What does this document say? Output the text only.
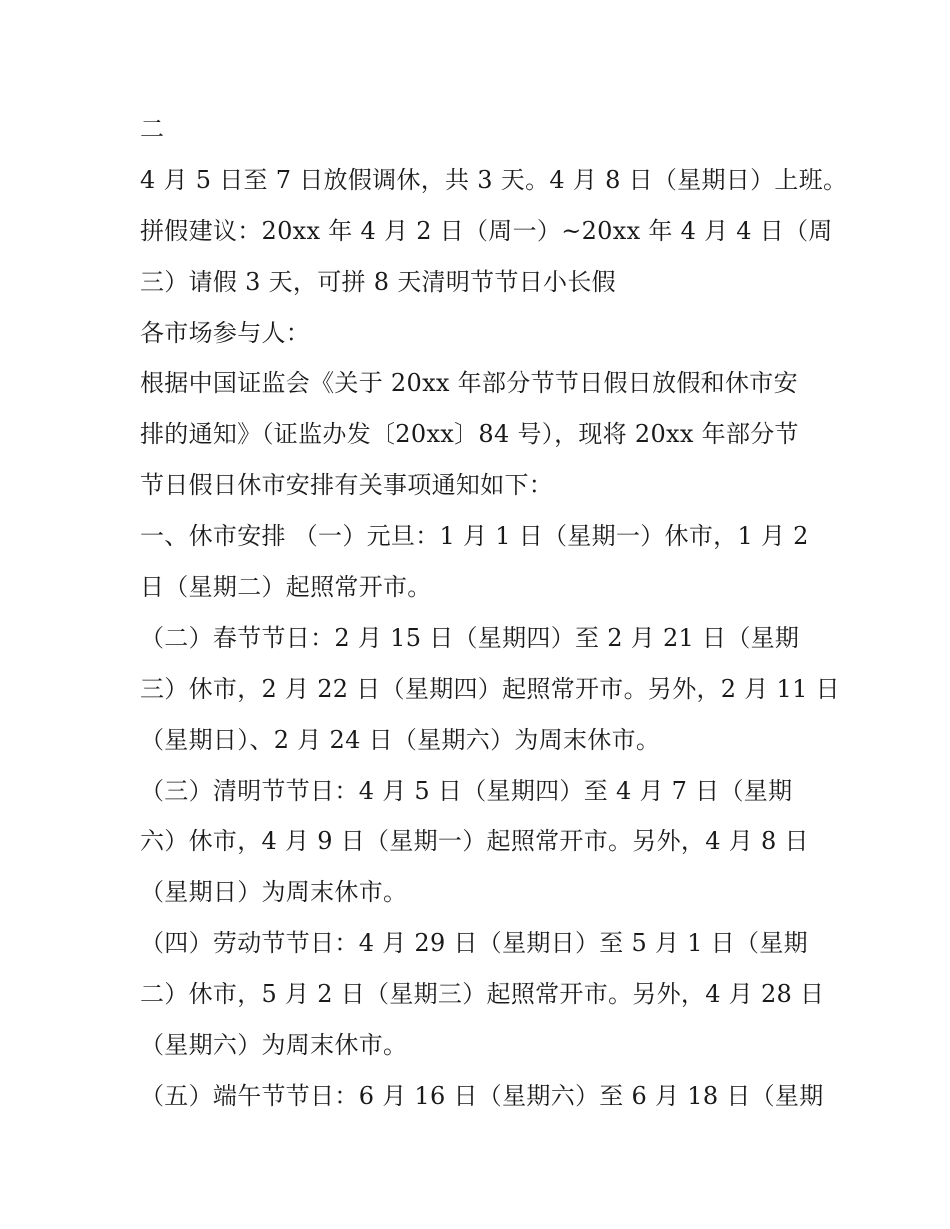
二
4 月 5 日至 7 日放假调休，共 3 天。4 月 8 日（星期日）上班。
拼假建议：20xx 年 4 月 2 日（周一）~20xx 年 4 月 4 日（周
三）请假 3 天，可拼 8 天清明节节日小长假
各市场参与人：
根据中国证监会《关于 20xx 年部分节节日假日放假和休市安
排的通知》（证监办发〔20xx〕84 号），现将 20xx 年部分节
节日假日休市安排有关事项通知如下：
一、休市安排 （一）元旦：1 月 1 日（星期一）休市，1 月 2
日（星期二）起照常开市。
（二）春节节日：2 月 15 日（星期四）至 2 月 21 日（星期
三）休市，2 月 22 日（星期四）起照常开市。另外，2 月 11 日
（星期日）、2 月 24 日（星期六）为周末休市。
（三）清明节节日：4 月 5 日（星期四）至 4 月 7 日（星期
六）休市，4 月 9 日（星期一）起照常开市。另外，4 月 8 日
（星期日）为周末休市。
（四）劳动节节日：4 月 29 日（星期日）至 5 月 1 日（星期
二）休市，5 月 2 日（星期三）起照常开市。另外，4 月 28 日
（星期六）为周末休市。
（五）端午节节日：6 月 16 日（星期六）至 6 月 18 日（星期
